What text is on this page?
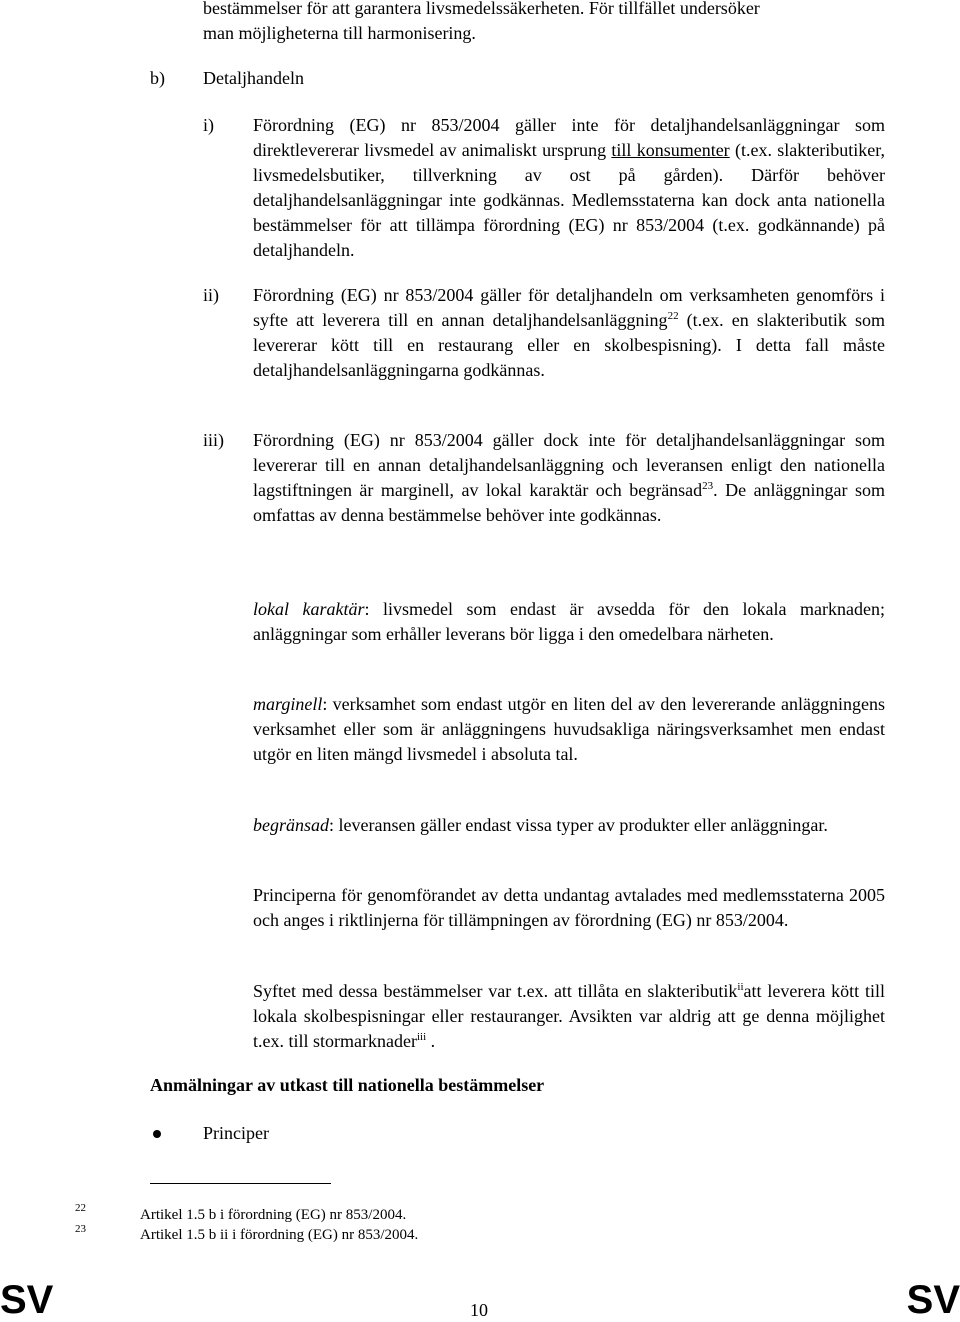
bestämmelser för att garantera livsmedelssäkerheten. För tillfället undersöker
man möjligheterna till harmonisering.
b) Detaljhandeln
i) Förordning (EG) nr 853/2004 gäller inte för detaljhandelsanläggningar som direktlevererar livsmedel av animaliskt ursprung till konsumenter (t.ex. slakteributiker, livsmedelsbutiker, tillverkning av ost på gården). Därför behöver detaljhandelsanläggningar inte godkännas. Medlemsstaterna kan dock anta nationella bestämmelser för att tillämpa förordning (EG) nr 853/2004 (t.ex. godkännande) på detaljhandeln.
ii) Förordning (EG) nr 853/2004 gäller för detaljhandeln om verksamheten genomförs i syfte att leverera till en annan detaljhandelsanläggning$^{22}$ (t.ex. en slakteributik som levererar kött till en restaurang eller en skolbespisning). I detta fall måste detaljhandelsanläggningarna godkännas.
iii) Förordning (EG) nr 853/2004 gäller dock inte för detaljhandelsanläggningar som levererar till en annan detaljhandelsanläggning och leveransen enligt den nationella lagstiftningen är marginell, av lokal karaktär och begränsad$^{23}$. De anläggningar som omfattas av denna bestämmelse behöver inte godkännas.
lokal karaktär: livsmedel som endast är avsedda för den lokala marknaden; anläggningar som erhåller leverans bör ligga i den omedelbara närheten.
marginell: verksamhet som endast utgör en liten del av den levererande anläggningens verksamhet eller som är anläggningens huvudsakliga näringsverksamhet men endast utgör en liten mängd livsmedel i absoluta tal.
begränsad: leveransen gäller endast vissa typer av produkter eller anläggningar.
Principerna för genomförandet av detta undantag avtalades med medlemsstaterna 2005 och anges i riktlinjerna för tillämpningen av förordning (EG) nr 853/2004.
Syftet med dessa bestämmelser var t.ex. att tillåta en slakteributik$^{ii}$att leverera kött till lokala skolbespisningar eller restauranger. Avsikten var aldrig att ge denna möjlighet t.ex. till stormarknader$^{iii}$ .
Anmälningar av utkast till nationella bestämmelser
Principer
22	Artikel 1.5 b i förordning (EG) nr 853/2004.
23	Artikel 1.5 b ii i förordning (EG) nr 853/2004.
SV	10	SV
